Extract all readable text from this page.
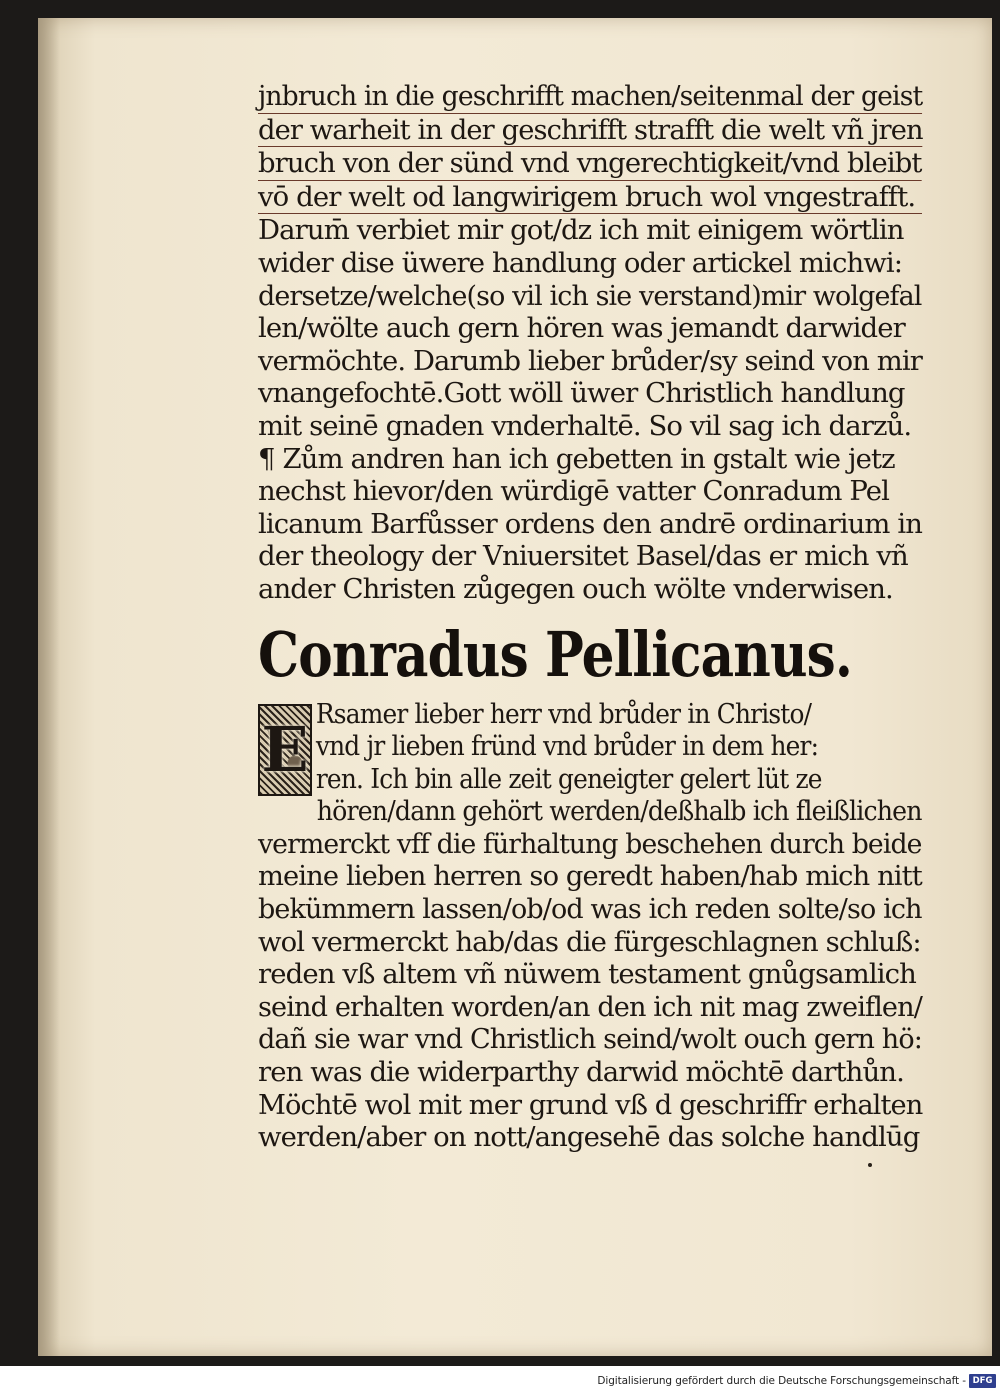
jnbruch in die geschrifft machen/seitenmal der geist
der warheit in der geschrifft strafft die welt vñ jren
bruch von der sünd vnd vngerechtigkeit/vnd bleibt
vō der welt od langwirigem bruch wol vngestrafft.
Darum̄ verbiet mir got/dz ich mit einigem wörtlin
wider dise üwere handlung oder artickel michwi:
dersetze/welche(so vil ich sie verstand)mir wolgefal
len/wölte auch gern hören was jemandt darwider
vermöchte. Darumb lieber brůder/sy seind von mir
vnangefochtē.Gott wöll üwer Christlich handlung
mit seinē gnaden vnderhaltē. So vil sag ich darzů.
¶ Zům andren han ich gebetten in gstalt wie jetz
nechst hievor/den würdigē vatter Conradum Pel
licanum Barfůsser ordens den andrē ordinarium in
der theology der Vniuersitet Basel/das er mich vñ
ander Christen zůgegen ouch wölte vnderwisen.
Conradus Pellicanus.
E Rsamer lieber herr vnd brůder in Christo/
vnd jr lieben fründ vnd brůder in dem her:
ren. Ich bin alle zeit geneigter gelert lüt ze
hören/dann gehört werden/deßhalb ich fleißlichen
vermerckt vff die fürhaltung beschehen durch beide
meine lieben herren so geredt haben/hab mich nitt
bekümmern lassen/ob/od was ich reden solte/so ich
wol vermerckt hab/das die fürgeschlagnen schluß:
reden vß altem vñ nüwem testament gnůgsamlich
seind erhalten worden/an den ich nit mag zweiflen/
dañ sie war vnd Christlich seind/wolt ouch gern hö:
ren was die widerparthy darwid möchtē darthůn.
Möchtē wol mit mer grund vß d geschriffr erhalten
werden/aber on nott/angesehē das solche handlūg
Digitalisierung gefördert durch die Deutsche Forschungsgemeinschaft - DFG
